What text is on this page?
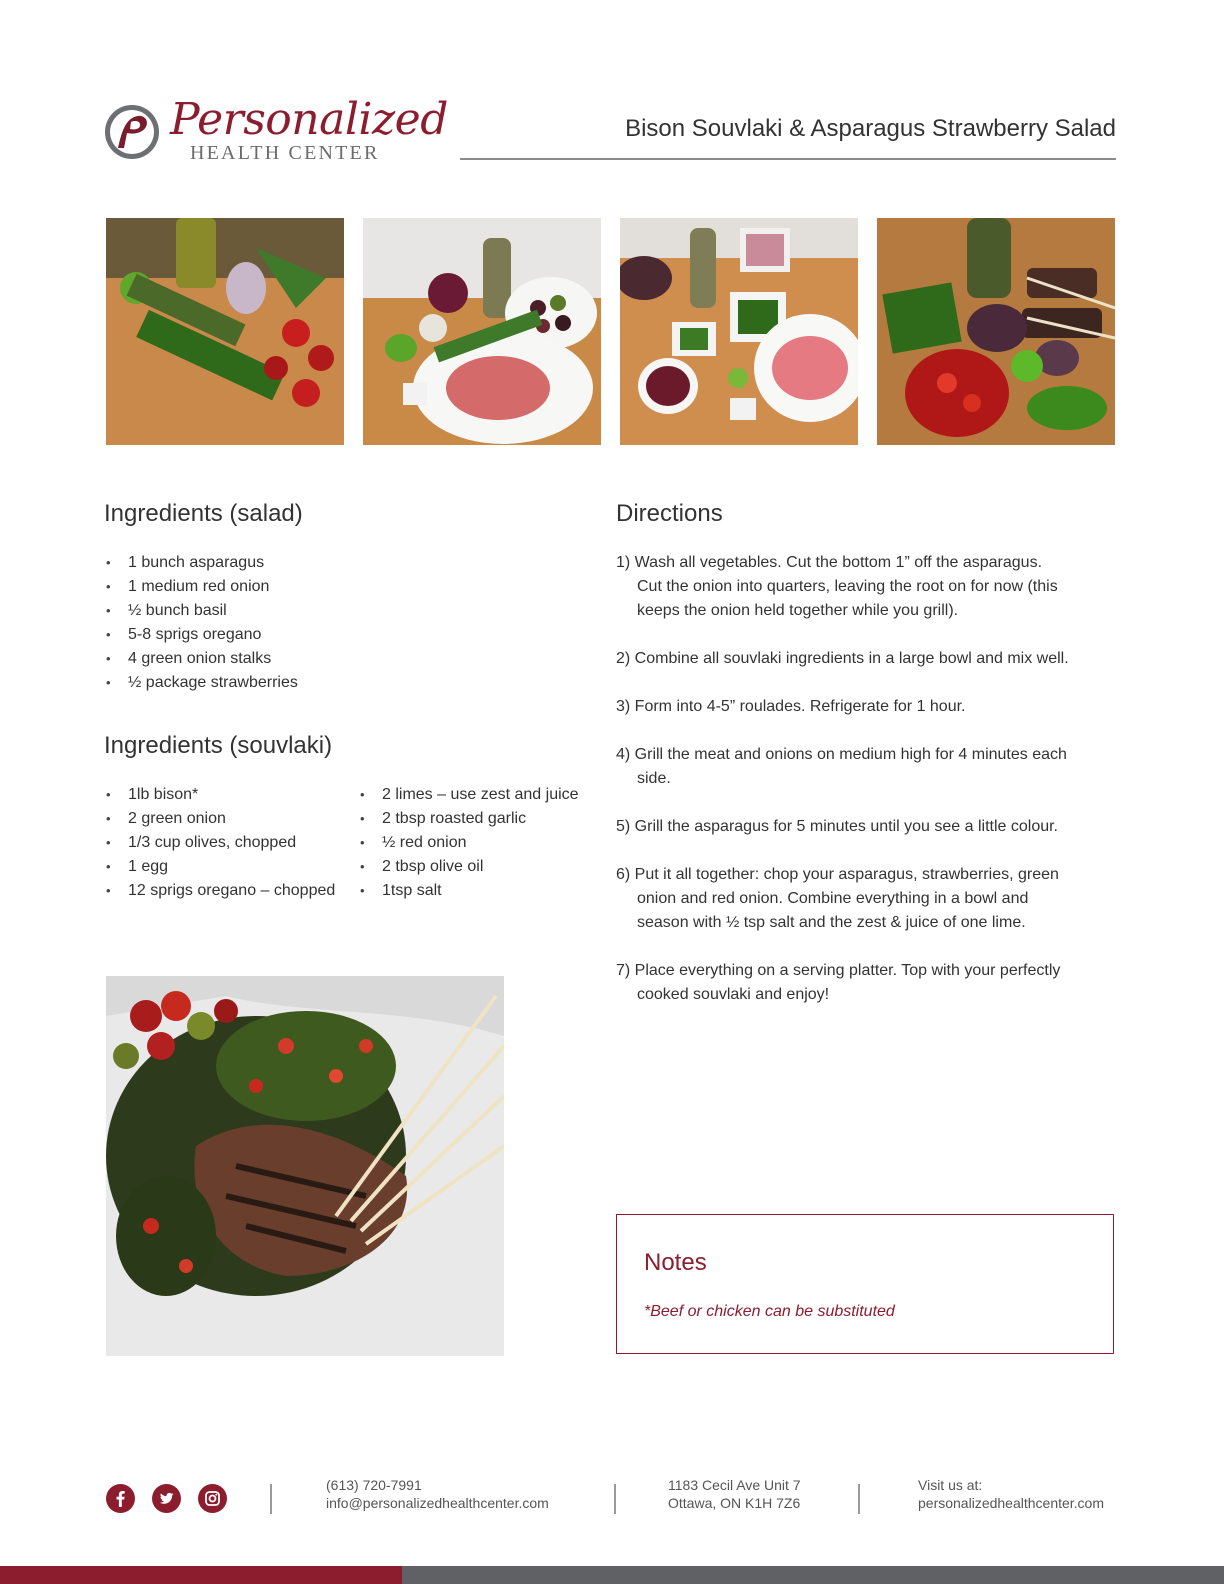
Personalized
HEALTH CENTER
Bison Souvlaki & Asparagus Strawberry Salad
Ingredients (salad)
• 1 bunch asparagus
• 1 medium red onion
• ½ bunch basil
• 5-8 sprigs oregano
• 4 green onion stalks
• ½ package strawberries
Ingredients (souvlaki)
• 1lb bison*
• 2 green onion
• 1/3 cup olives, chopped
• 1 egg
• 12 sprigs oregano – chopped
• 2 limes – use zest and juice
• 2 tbsp roasted garlic
• ½ red onion
• 2 tbsp olive oil
• 1tsp salt
Directions
1) Wash all vegetables. Cut the bottom 1” off the asparagus.
Cut the onion into quarters, leaving the root on for now (this
keeps the onion held together while you grill).
2) Combine all souvlaki ingredients in a large bowl and mix well.
3) Form into 4-5” roulades. Refrigerate for 1 hour.
4) Grill the meat and onions on medium high for 4 minutes each
side.
5) Grill the asparagus for 5 minutes until you see a little colour.
6) Put it all together: chop your asparagus, strawberries, green
onion and red onion. Combine everything in a bowl and
season with ½ tsp salt and the zest & juice of one lime.
7) Place everything on a serving platter. Top with your perfectly
cooked souvlaki and enjoy!
Notes
*Beef or chicken can be substituted
(613) 720-7991
info@personalizedhealthcenter.com
1183 Cecil Ave Unit 7
Ottawa, ON K1H 7Z6
Visit us at:
personalizedhealthcenter.com
